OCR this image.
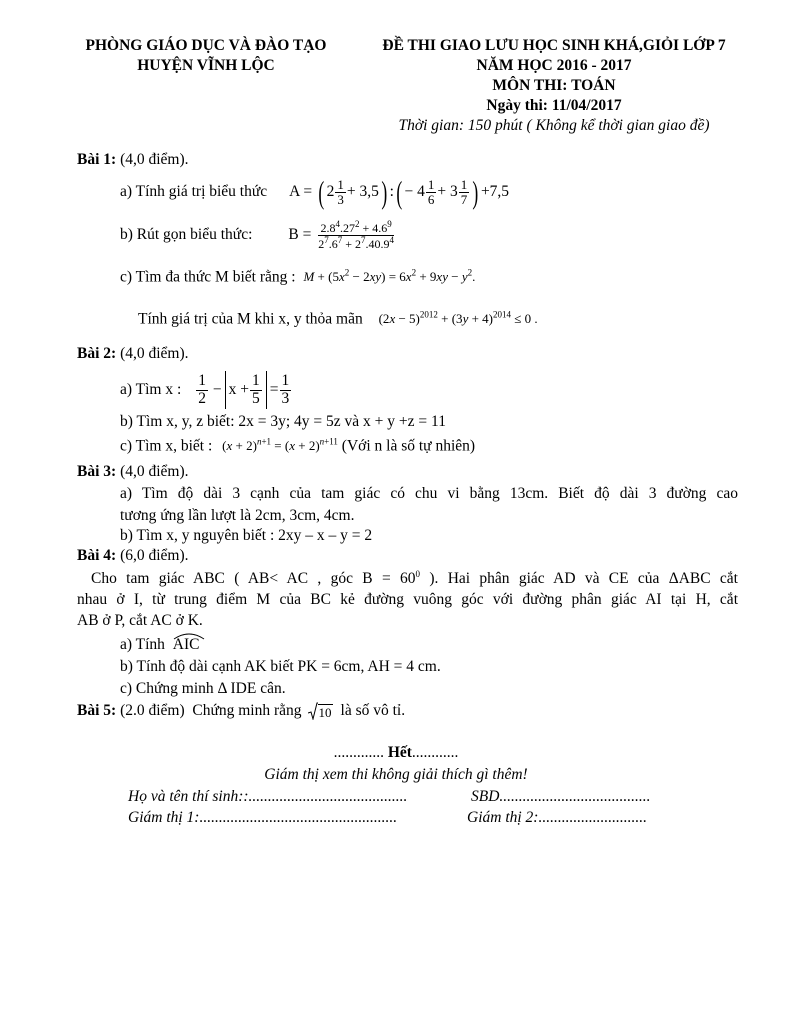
PHÒNG GIÁO DỤC VÀ ĐÀO TẠO
HUYỆN VĨNH LỘC
ĐỀ THI GIAO LƯU HỌC SINH KHÁ,GIỎI LỚP 7
NĂM HỌC 2016 - 2017
MÔN THI: TOÁN
Ngày thi: 11/04/2017
Thời gian: 150 phút ( Không kể thời gian giao đề)
Bài 1: (4,0 điểm).
a) Tính giá trị biểu thức A = ( $2 \frac{1}{3} + 3,5$ ) : ( − $4 \frac{1}{6} + 3 \frac{1}{7}$ ) +7,5
b) Rút gọn biểu thức: $B = \frac{2.8^4.27^2 + 4.6^9}{2^7.6^7 + 2^7.40.9^4}$
c) Tìm đa thức M biết rằng : $M + (5x^2 - 2xy) = 6x^2 + 9xy - y^2$.
Tính giá trị của M khi x, y thỏa mãn $(2x - 5)^{2012} + (3y + 4)^{2014} \le 0$ .
Bài 2: (4,0 điểm).
a) Tìm x : $\frac{1}{2} - x + \frac{1}{5} = \frac{1}{3}$
b) Tìm x, y, z biết: 2x = 3y; 4y = 5z và x + y +z = 11
c) Tìm x, biết : $(x + 2)^{n+1} = (x + 2)^{n+11}$ (Với n là số tự nhiên)
Bài 3: (4,0 điểm).
a) Tìm độ dài 3 cạnh của tam giác có chu vi bằng 13cm. Biết độ dài 3 đường cao
tương ứng lần lượt là 2cm, 3cm, 4cm.
b) Tìm x, y nguyên biết : 2xy – x – y = 2
Bài 4: (6,0 điểm).
Cho tam giác ABC ( AB< AC , góc $B = 60^0$ ). Hai phân giác AD và CE của ΔABC cắt
nhau ở I, từ trung điểm M của BC kẻ đường vuông góc với đường phân giác AI tại H, cắt
AB ở P, cắt AC ở K.
a) Tính AIC
b) Tính độ dài cạnh AK biết PK = 6cm, AH = 4 cm.
c) Chứng minh Δ IDE cân.
Bài 5: (2.0 điểm)  Chứng minh rằng 10 là số vô tỉ.
............. Hết............
Giám thị xem thi không giải thích gì thêm!
Họ và tên thí sinh::.........................................	SBD.......................................
Giám thị 1:...................................................	Giám thị 2:............................
